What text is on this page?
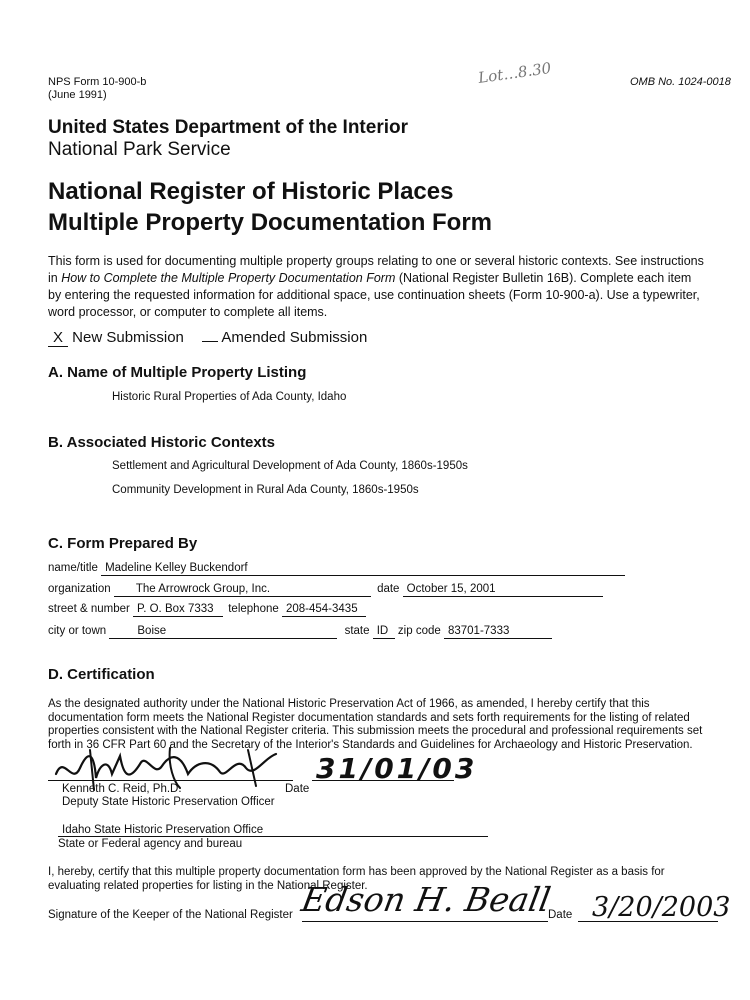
NPS Form 10-900-b
(June 1991)
Lot…8.30	OMB No. 1024-0018
United States Department of the Interior
National Park Service
National Register of Historic Places
Multiple Property Documentation Form
This form is used for documenting multiple property groups relating to one or several historic contexts. See instructions in How to Complete the Multiple Property Documentation Form (National Register Bulletin 16B). Complete each item by entering the requested information for additional space, use continuation sheets (Form 10-900-a). Use a typewriter, word processor, or computer to complete all items.
X New Submission	Amended Submission
A. Name of Multiple Property Listing
Historic Rural Properties of Ada County, Idaho
B. Associated Historic Contexts
Settlement and Agricultural Development of Ada County, 1860s-1950s
Community Development in Rural Ada County, 1860s-1950s
C. Form Prepared By
name/title Madeline Kelley Buckendorf
organization The Arrowrock Group, Inc.	date October 15, 2001
street & number P. O. Box 7333 telephone 208-454-3435
city or town	Boise	state ID zip code 83701-7333
D. Certification
As the designated authority under the National Historic Preservation Act of 1966, as amended, I hereby certify that this documentation form meets the National Register documentation standards and sets forth requirements for the listing of related properties consistent with the National Register criteria. This submission meets the procedural and professional requirements set forth in 36 CFR Part 60 and the Secretary of the Interior's Standards and Guidelines for Archaeology and Historic Preservation.
31/01/03
Kenneth C. Reid, Ph.D.	Date
Deputy State Historic Preservation Officer
Idaho State Historic Preservation Office
State or Federal agency and bureau
I, hereby, certify that this multiple property documentation form has been approved by the National Register as a basis for evaluating related properties for listing in the National Register.
Signature of the Keeper of the National Register	Date
Edson H. Beall 3/20/2003
